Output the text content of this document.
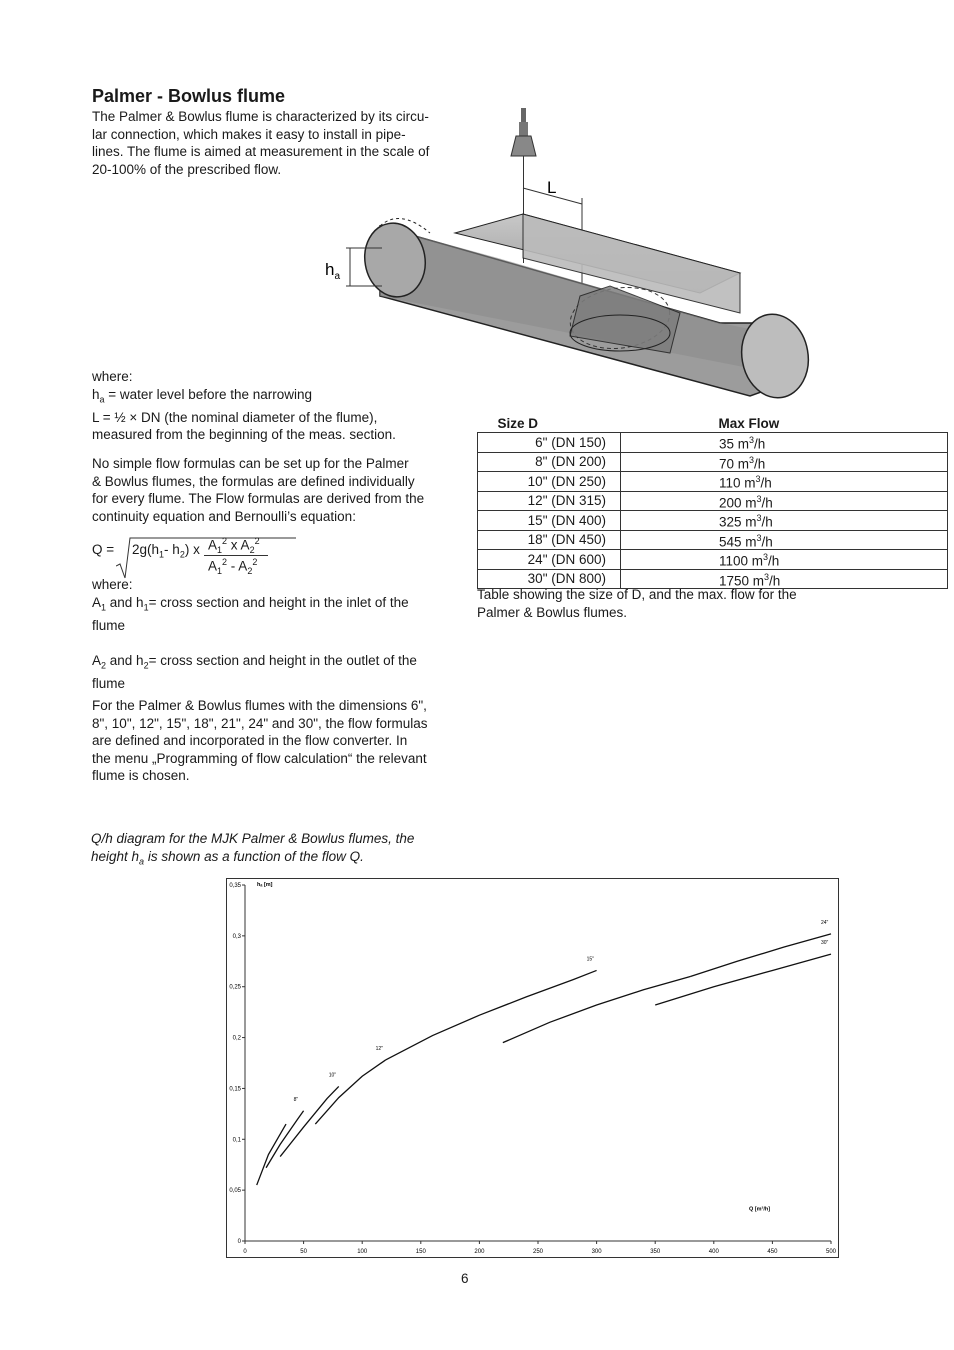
Palmer - Bowlus flume

The Palmer & Bowlus flume is characterized by its circu-

lar connection, which makes it easy to install in pipe-

lines. The flume is aimed at measurement in the scale of

20-100% of the prescribed flow.

L
$h_a$

where:

$h_a$ = water level before the narrowing

L = ½ × DN (the nominal diameter of the flume),

measured from the beginning of the meas. section.

No simple flow formulas can be set up for the Palmer

& Bowlus flumes, the formulas are defined individually

for every flume. The Flow formulas are derived from the

continuity equation and Bernoulli’s equation:

$Q = 2g(h_1-$ $h_2$) x $A_1^2$ x $A_2^2$
$A_1^2 - A_2^2$

where:

$A_1$ and $h_1=$ cross section and height in the inlet of the

flume

$A_2$ and $h_2=$ cross section and height in the outlet of the

flume

For the Palmer & Bowlus flumes with the dimensions 6",

8", 10", 12", 15", 18", 21", 24" and 30", the flow formulas

are defined and incorporated in the flow converter. In

the menu „Programming of flow calculation“ the relevant

flume is chosen.

Size D	Max Flow
6" (DN 150)	35 $m^3/h$
8" (DN 200)	70 $m^3/h$
10" (DN 250)	110 $m^3/h$
12" (DN 315)	200 $m^3/h$
15" (DN 400)	325 $m^3/h$
18" (DN 450)	545 $m^3/h$
24" (DN 600)	1100 $m^3/h$
30" (DN 800)	1750 $m^3/h$
Table showing the size of D, and the max. flow for the
Palmer & Bowlus flumes.
Q/h diagram for the MJK Palmer & Bowlus flumes, the
height $h_a$ is shown as a function of the flow Q.
0	50	100	150	200	250	300	350	400	450	500
0
0,05
0,1
0,15
0,2
0,25
0,3
0,35	hₐ [m]
Q [m³/h]
8"
10"
12"
15"
24"
30"
6
